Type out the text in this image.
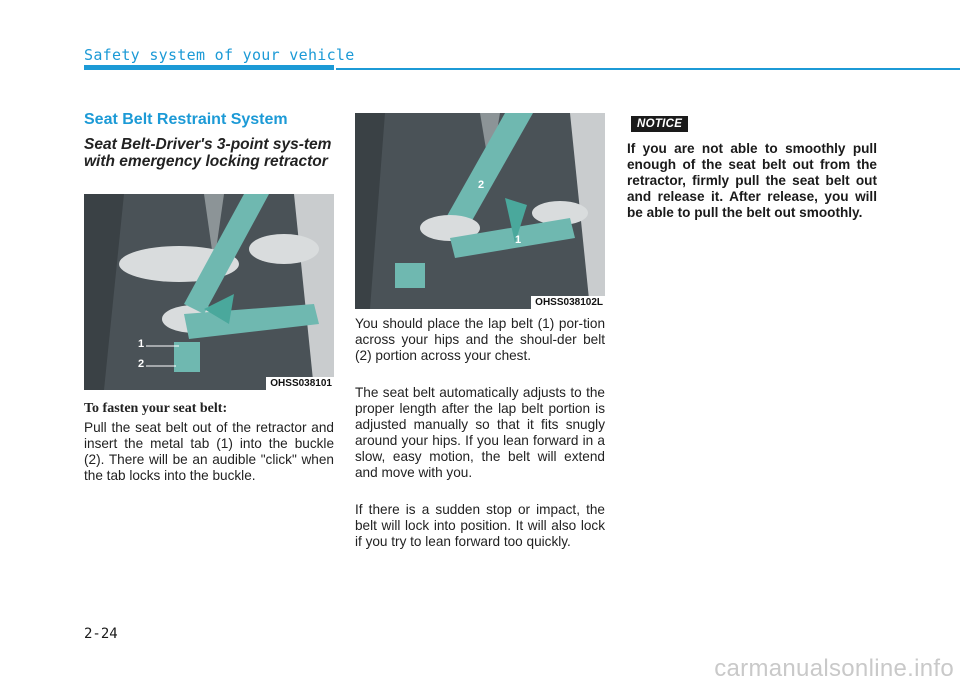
Safety system of your vehicle
Seat Belt Restraint System
Seat Belt-Driver's 3-point sys-tem with emergency locking retractor
1
2
OHSS038101
To fasten your seat belt:
Pull the seat belt out of the retractor and insert the metal tab (1) into the buckle (2). There will be an audible "click" when the tab locks into the buckle.
2
1
OHSS038102L
You should place the lap belt (1) por-tion across your hips and the shoul-der belt (2) portion across your chest.
The seat belt automatically adjusts to the proper length after the lap belt portion is adjusted manually so that it fits snugly around your hips. If you lean forward in a slow, easy motion, the belt will extend and move with you.
If there is a sudden stop or impact, the belt will lock into position. It will also lock if you try to lean forward too quickly.
NOTICE
If you are not able to smoothly pull enough of the seat belt out from the retractor, firmly pull the seat belt out and release it. After release, you will be able to pull the belt out smoothly.
2-24
carmanualsonline.info
